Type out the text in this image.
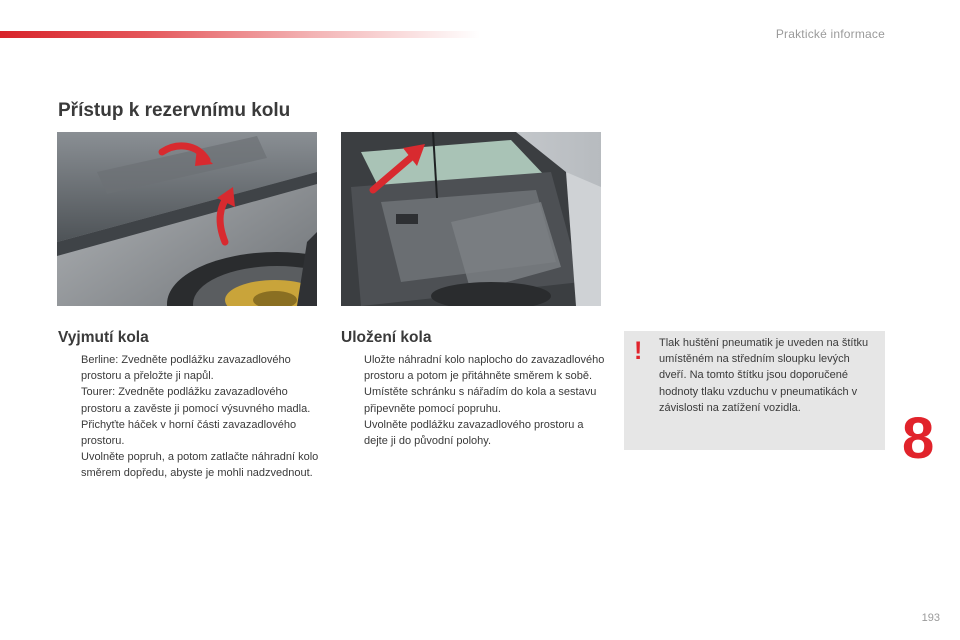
Praktické informace
Přístup k rezervnímu kolu
Vyjmutí kola
Berline: Zvedněte podlážku zavazadlového prostoru a přeložte ji napůl.
Tourer: Zvedněte podlážku zavazadlového prostoru a zavěste ji pomocí výsuvného madla. Přichyťte háček v horní části zavazadlového prostoru.
Uvolněte popruh, a potom zatlačte náhradní kolo směrem dopředu, abyste je mohli nadzvednout.
Uložení kola
Uložte náhradní kolo naplocho do zavazadlového prostoru a potom je přitáhněte směrem k sobě.
Umístěte schránku s nářadím do kola a sestavu připevněte pomocí popruhu.
Uvolněte podlážku zavazadlového prostoru a dejte ji do původní polohy.
! Tlak huštění pneumatik je uveden na štítku umístěném na středním sloupku levých dveří. Na tomto štítku jsou doporučené hodnoty tlaku vzduchu v pneumatikách v závislosti na zatížení vozidla.	8
193
